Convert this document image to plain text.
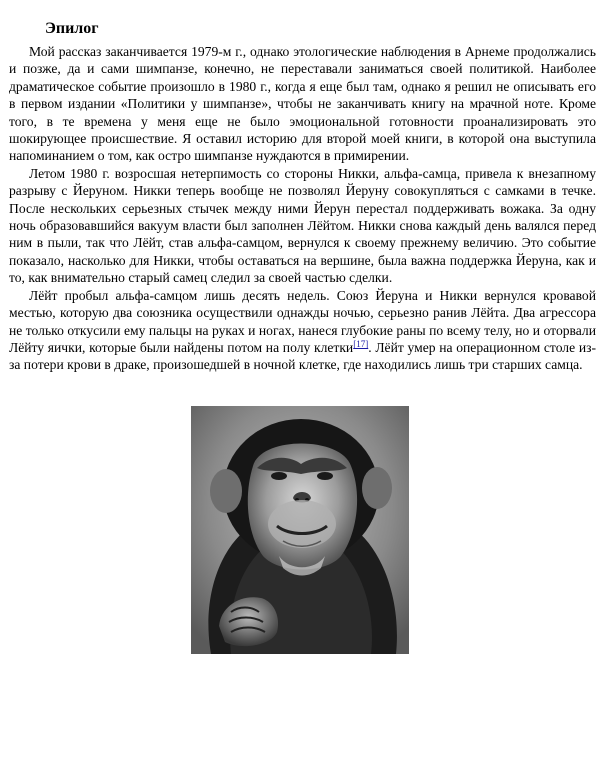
Эпилог

Мой рассказ заканчивается 1979-м г., однако этологические наблюдения в Арнеме продолжались и позже, да и сами шимпанзе, конечно, не переставали заниматься своей политикой. Наиболее драматическое событие произошло в 1980 г., когда я еще был там, однако я решил не описывать его в первом издании «Политики у шимпанзе», чтобы не заканчивать книгу на мрачной ноте. Кроме того, в те времена у меня еще не было эмоциональной готовности проанализировать это шокирующее происшествие. Я оставил историю для второй моей книги, в которой она выступила напоминанием о том, как остро шимпанзе нуждаются в примирении.

Летом 1980 г. возросшая нетерпимость со стороны Никки, альфа-самца, привела к внезапному разрыву с Йеруном. Никки теперь вообще не позволял Йеруну совокупляться с самками в течке. После нескольких серьезных стычек между ними Йерун перестал поддерживать вожака. За одну ночь образовавшийся вакуум власти был заполнен Лёйтом. Никки снова каждый день валялся перед ним в пыли, так что Лёйт, став альфа-самцом, вернулся к своему прежнему величию. Это событие показало, насколько для Никки, чтобы оставаться на вершине, была важна поддержка Йеруна, как и то, как внимательно старый самец следил за своей частью сделки.

Лёйт пробыл альфа-самцом лишь десять недель. Союз Йеруна и Никки вернулся кровавой местью, которую два союзника осуществили однажды ночью, серьезно ранив Лёйта. Два агрессора не только откусили ему пальцы на руках и ногах, нанеся глубокие раны по всему телу, но и оторвали Лёйту яички, которые были найдены потом на полу клетки[17]. Лёйт умер на операционном столе из-за потери крови в драке, произошедшей в ночной клетке, где находились лишь три старших самца.
